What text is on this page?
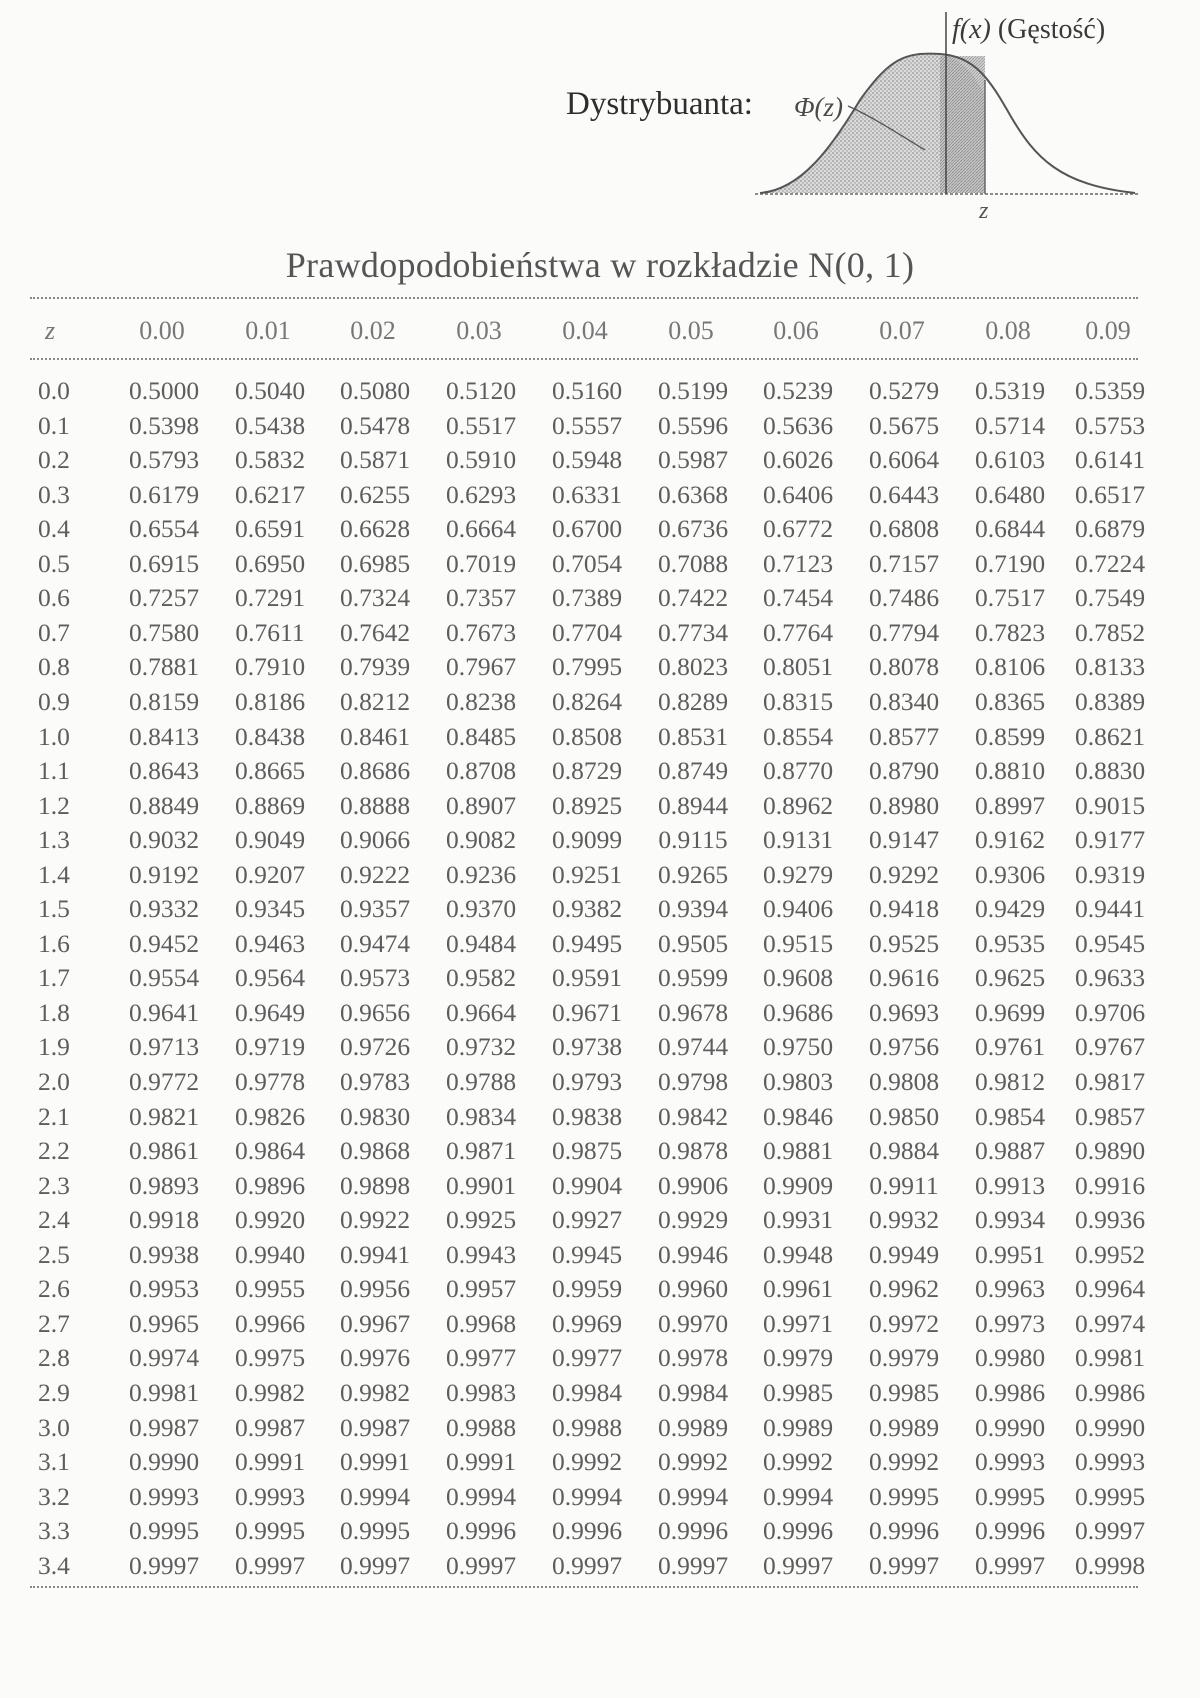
f(x) (Gęstość)
Dystrybuanta: Φ(z)
z
Prawdopodobieństwa w rozkładzie N(0, 1)
z	0.00	0.01	0.02	0.03	0.04	0.05	0.06	0.07	0.08	0.09
0.0	0.5000	0.5040	0.5080	0.5120	0.5160	0.5199	0.5239	0.5279	0.5319	0.5359
0.1	0.5398	0.5438	0.5478	0.5517	0.5557	0.5596	0.5636	0.5675	0.5714	0.5753
0.2	0.5793	0.5832	0.5871	0.5910	0.5948	0.5987	0.6026	0.6064	0.6103	0.6141
0.3	0.6179	0.6217	0.6255	0.6293	0.6331	0.6368	0.6406	0.6443	0.6480	0.6517
0.4	0.6554	0.6591	0.6628	0.6664	0.6700	0.6736	0.6772	0.6808	0.6844	0.6879
0.5	0.6915	0.6950	0.6985	0.7019	0.7054	0.7088	0.7123	0.7157	0.7190	0.7224
0.6	0.7257	0.7291	0.7324	0.7357	0.7389	0.7422	0.7454	0.7486	0.7517	0.7549
0.7	0.7580	0.7611	0.7642	0.7673	0.7704	0.7734	0.7764	0.7794	0.7823	0.7852
0.8	0.7881	0.7910	0.7939	0.7967	0.7995	0.8023	0.8051	0.8078	0.8106	0.8133
0.9	0.8159	0.8186	0.8212	0.8238	0.8264	0.8289	0.8315	0.8340	0.8365	0.8389
1.0	0.8413	0.8438	0.8461	0.8485	0.8508	0.8531	0.8554	0.8577	0.8599	0.8621
1.1	0.8643	0.8665	0.8686	0.8708	0.8729	0.8749	0.8770	0.8790	0.8810	0.8830
1.2	0.8849	0.8869	0.8888	0.8907	0.8925	0.8944	0.8962	0.8980	0.8997	0.9015
1.3	0.9032	0.9049	0.9066	0.9082	0.9099	0.9115	0.9131	0.9147	0.9162	0.9177
1.4	0.9192	0.9207	0.9222	0.9236	0.9251	0.9265	0.9279	0.9292	0.9306	0.9319
1.5	0.9332	0.9345	0.9357	0.9370	0.9382	0.9394	0.9406	0.9418	0.9429	0.9441
1.6	0.9452	0.9463	0.9474	0.9484	0.9495	0.9505	0.9515	0.9525	0.9535	0.9545
1.7	0.9554	0.9564	0.9573	0.9582	0.9591	0.9599	0.9608	0.9616	0.9625	0.9633
1.8	0.9641	0.9649	0.9656	0.9664	0.9671	0.9678	0.9686	0.9693	0.9699	0.9706
1.9	0.9713	0.9719	0.9726	0.9732	0.9738	0.9744	0.9750	0.9756	0.9761	0.9767
2.0	0.9772	0.9778	0.9783	0.9788	0.9793	0.9798	0.9803	0.9808	0.9812	0.9817
2.1	0.9821	0.9826	0.9830	0.9834	0.9838	0.9842	0.9846	0.9850	0.9854	0.9857
2.2	0.9861	0.9864	0.9868	0.9871	0.9875	0.9878	0.9881	0.9884	0.9887	0.9890
2.3	0.9893	0.9896	0.9898	0.9901	0.9904	0.9906	0.9909	0.9911	0.9913	0.9916
2.4	0.9918	0.9920	0.9922	0.9925	0.9927	0.9929	0.9931	0.9932	0.9934	0.9936
2.5	0.9938	0.9940	0.9941	0.9943	0.9945	0.9946	0.9948	0.9949	0.9951	0.9952
2.6	0.9953	0.9955	0.9956	0.9957	0.9959	0.9960	0.9961	0.9962	0.9963	0.9964
2.7	0.9965	0.9966	0.9967	0.9968	0.9969	0.9970	0.9971	0.9972	0.9973	0.9974
2.8	0.9974	0.9975	0.9976	0.9977	0.9977	0.9978	0.9979	0.9979	0.9980	0.9981
2.9	0.9981	0.9982	0.9982	0.9983	0.9984	0.9984	0.9985	0.9985	0.9986	0.9986
3.0	0.9987	0.9987	0.9987	0.9988	0.9988	0.9989	0.9989	0.9989	0.9990	0.9990
3.1	0.9990	0.9991	0.9991	0.9991	0.9992	0.9992	0.9992	0.9992	0.9993	0.9993
3.2	0.9993	0.9993	0.9994	0.9994	0.9994	0.9994	0.9994	0.9995	0.9995	0.9995
3.3	0.9995	0.9995	0.9995	0.9996	0.9996	0.9996	0.9996	0.9996	0.9996	0.9997
3.4	0.9997	0.9997	0.9997	0.9997	0.9997	0.9997	0.9997	0.9997	0.9997	0.9998
